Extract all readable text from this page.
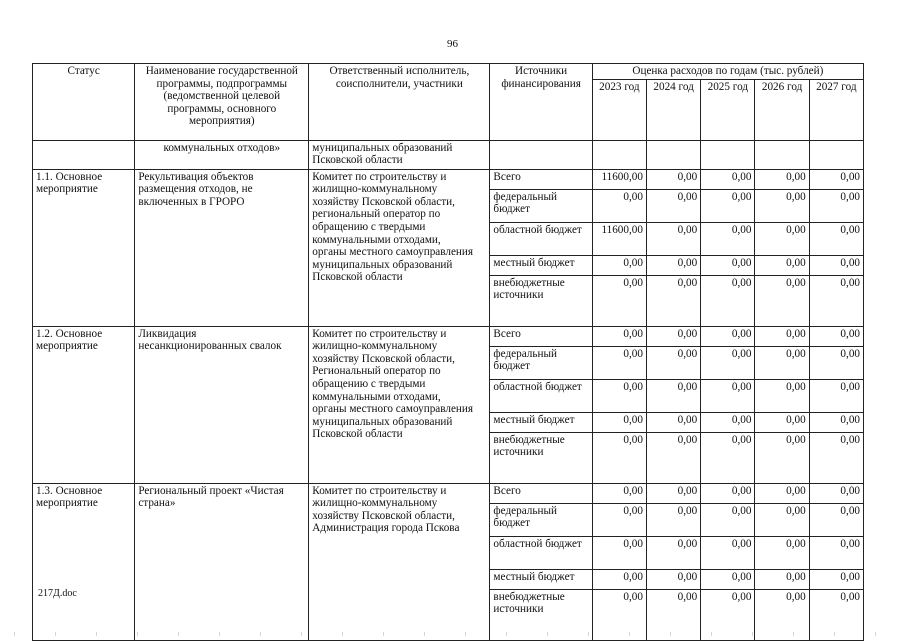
96
Статус	Наименование государственной программы, подпрограммы (ведомственной целевой программы, основного мероприятия)	Ответственный исполнитель, соисполнители, участники	Источники финансирования	Оценка расходов по годам (тыс. рублей)				
				2023 год	2024 год	2025 год	2026 год	2027 год
	коммунальных отходов»	муниципальных образований Псковской области						
1.1. Основное мероприятие	Рекультивация объектов размещения отходов, не включенных в ГРОРО	Комитет по строительству и жилищно-коммунальному хозяйству Псковской области,
региональный оператор по обращению с твердыми коммунальными отходами,
органы местного самоуправления муниципальных образований Псковской области	Всего	11600,00	0,00	0,00	0,00	0,00
			федеральный бюджет	0,00	0,00	0,00	0,00	0,00
			областной бюджет	11600,00	0,00	0,00	0,00	0,00
			местный бюджет	0,00	0,00	0,00	0,00	0,00
			внебюджетные источники	0,00	0,00	0,00	0,00	0,00
1.2. Основное мероприятие	Ликвидация несанкционированных свалок	Комитет по строительству и жилищно-коммунальному хозяйству Псковской области,
Региональный оператор по обращению с твердыми коммунальными отходами,
органы местного самоуправления муниципальных образований Псковской области	Всего	0,00	0,00	0,00	0,00	0,00
			федеральный бюджет	0,00	0,00	0,00	0,00	0,00
			областной бюджет	0,00	0,00	0,00	0,00	0,00
			местный бюджет	0,00	0,00	0,00	0,00	0,00
			внебюджетные источники	0,00	0,00	0,00	0,00	0,00
1.3. Основное мероприятие	Региональный проект «Чистая страна»	Комитет по строительству и жилищно-коммунальному хозяйству Псковской области,
Администрация города Пскова	Всего	0,00	0,00	0,00	0,00	0,00
			федеральный бюджет	0,00	0,00	0,00	0,00	0,00
			областной бюджет	0,00	0,00	0,00	0,00	0,00
			местный бюджет	0,00	0,00	0,00	0,00	0,00
			внебюджетные источники	0,00	0,00	0,00	0,00	0,00
217Д.doc
